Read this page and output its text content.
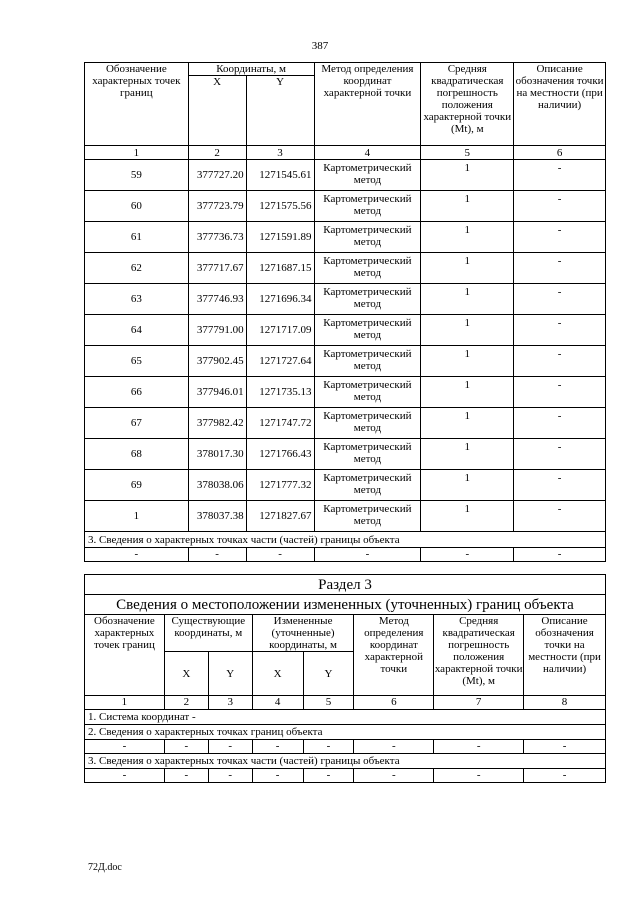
387
Обозначение характерных точек границ	Координаты, м		Метод определения координат характерной точки	Средняя квадратическая погрешность положения характерной точки (Mt), м	Описание обозначения точки на местности (при наличии)
	X	Y			
1	2	3	4	5	6
59	377727.20	1271545.61	Картометрический метод	1	-
60	377723.79	1271575.56	Картометрический метод	1	-
61	377736.73	1271591.89	Картометрический метод	1	-
62	377717.67	1271687.15	Картометрический метод	1	-
63	377746.93	1271696.34	Картометрический метод	1	-
64	377791.00	1271717.09	Картометрический метод	1	-
65	377902.45	1271727.64	Картометрический метод	1	-
66	377946.01	1271735.13	Картометрический метод	1	-
67	377982.42	1271747.72	Картометрический метод	1	-
68	378017.30	1271766.43	Картометрический метод	1	-
69	378038.06	1271777.32	Картометрический метод	1	-
1	378037.38	1271827.67	Картометрический метод	1	-
3. Сведения о характерных точках части (частей) границы объекта					
-	-	-	-	-	-
Раздел 3							
Сведения о местоположении измененных (уточненных) границ объекта							
Обозначение характерных точек границ	Существующие координаты, м		Измененные (уточненные) координаты, м		Метод определения координат характерной точки	Средняя квадратическая погрешность положения характерной точки (Mt), м	Описание обозначения точки на местности (при наличии)
	X	Y	X	Y			
1	2	3	4	5	6	7	8
1. Система координат -							
2. Сведения о характерных точках границ объекта							
-	-	-	-	-	-	-	-
3. Сведения о характерных точках части (частей) границы объекта							
-	-	-	-	-	-	-	-
72Д.doc
